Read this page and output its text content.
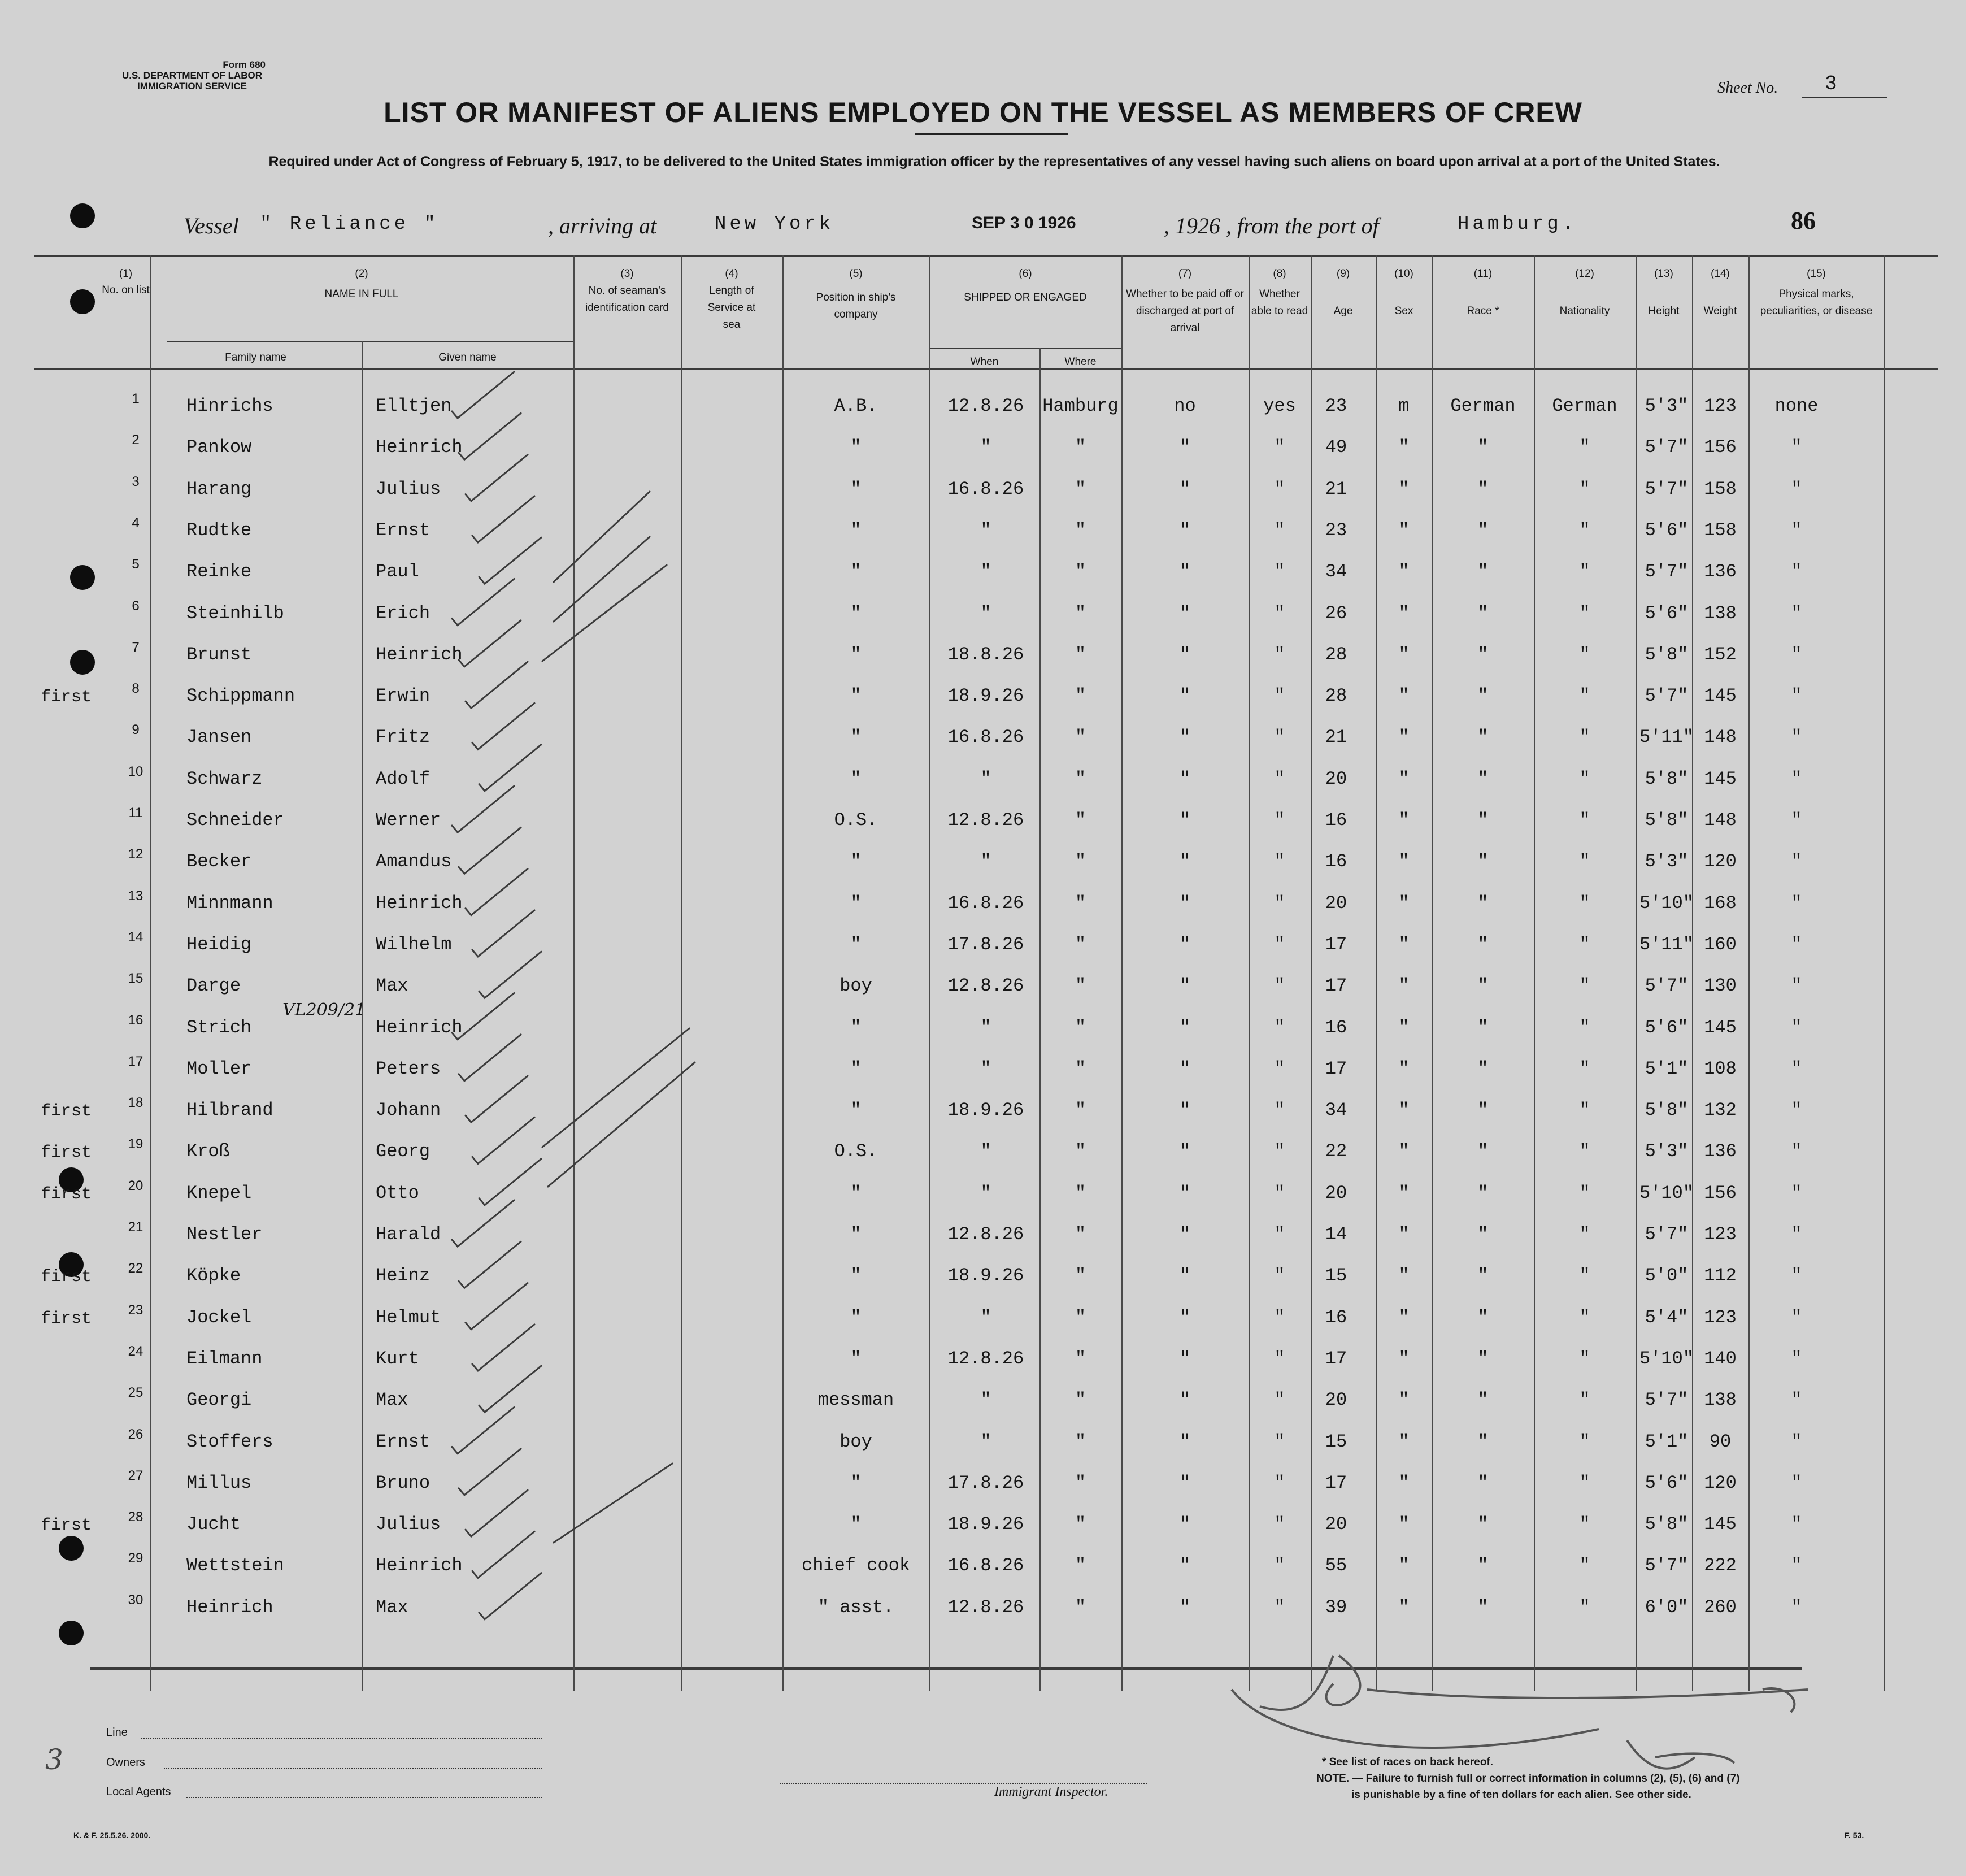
Form 680
U.S. DEPARTMENT OF LABOR
IMMIGRATION SERVICE	Sheet No. 3
LIST OR MANIFEST OF ALIENS EMPLOYED ON THE VESSEL AS MEMBERS OF CREW
Required under Act of Congress of February 5, 1917, to be delivered to the United States immigration officer by the representatives of any vessel having such aliens on board upon arrival at a port of the United States.
Vessel " Reliance "	, arriving at	New York	SEP 3 0 1926	, 1926 , from the port of	Hamburg.	86
(1)
No. on list
(2)
NAME IN FULL
Family name	Given name
(3)
No. of seaman's identification card
(4)
Length of Service at sea
(5)
Position in ship's company
(6)
SHIPPED OR ENGAGED
When	Where
(7)
Whether to be paid off or discharged at port of arrival
(8)
Whether able to read
(9)
Age
(10)
Sex
(11)
Race *
(12)
Nationality
(13)
Height
(14)
Weight
(15)
Physical marks, peculiarities, or disease
1	Hinrichs	Elltjen	A.B.	12.8.26	Hamburg	no	yes	23	m	German	German	5'3" 123	none
2	Pankow	Heinrich	"	"	"	"	"	49	"	"	"	5'7" 156	"
3	Harang	Julius	"	16.8.26	"	"	"	21	"	"	"	5'7" 158	"
4	Rudtke	Ernst	"	"	"	"	"	23	"	"	"	5'6" 158	"
5	Reinke	Paul	"	"	"	"	"	34	"	"	"	5'7" 136	"
6	Steinhilb	Erich	"	"	"	"	"	26	"	"	"	5'6" 138	"
7	Brunst	Heinrich	"	18.8.26	"	"	"	28	"	"	"	5'8" 152	"
8	Schippmann	Erwin	"	18.9.26	"	"	"	28	"	"	"	5'7" 145	"
first
9	Jansen	Fritz	"	16.8.26	"	"	"	21	"	"	"	5'11" 148	"
10	Schwarz	Adolf	"	"	"	"	"	20	"	"	"	5'8" 145	"
11	Schneider	Werner	O.S.	12.8.26	"	"	"	16	"	"	"	5'8" 148	"
12	Becker	Amandus	"	"	"	"	"	16	"	"	"	5'3" 120	"
13	Minnmann	Heinrich	"	16.8.26	"	"	"	20	"	"	"	5'10" 168	"
14	Heidig	Wilhelm	"	17.8.26	"	"	"	17	"	"	"	5'11" 160	"
15	Darge	Max	boy	12.8.26	"	"	"	17	"	"	"	5'7" 130	"
16	Strich	Heinrich	"	"	"	"	"	16	"	"	"	5'6" 145	"
17	Moller	Peters	"	"	"	"	"	17	"	"	"	5'1" 108	"
18	Hilbrand	Johann	"	18.9.26	"	"	"	34	"	"	"	5'8" 132	"
first
19	Kroß	Georg	O.S.	"	"	"	"	22	"	"	"	5'3" 136	"
first
20	Knepel	Otto	"	"	"	"	"	20	"	"	"	5'10" 156	"
first
21	Nestler	Harald	"	12.8.26	"	"	"	14	"	"	"	5'7" 123	"
22	Köpke	Heinz	"	18.9.26	"	"	"	15	"	"	"	5'0" 112	"
first
23	Jockel	Helmut	"	"	"	"	"	16	"	"	"	5'4" 123	"
first
24	Eilmann	Kurt	"	12.8.26	"	"	"	17	"	"	"	5'10" 140	"
25	Georgi	Max	messman	"	"	"	"	20	"	"	"	5'7" 138	"
26	Stoffers	Ernst	boy	"	"	"	"	15	"	"	"	5'1"	90	"
27	Millus	Bruno	"	17.8.26	"	"	"	17	"	"	"	5'6" 120	"
28	Jucht	Julius	"	18.9.26	"	"	"	20	"	"	"	5'8" 145	"
first
29	Wettstein	Heinrich	chief cook	16.8.26	"	"	"	55	"	"	"	5'7" 222	"
30	Heinrich	Max	" asst.	12.8.26	"	"	"	39	"	"	"	6'0" 260	"
VL209/21
3
Line
Owners
Local Agents	Immigrant Inspector.
* See list of races on back hereof.
NOTE. — Failure to furnish full or correct information in columns (2), (5), (6) and (7)
is punishable by a fine of ten dollars for each alien. See other side.
K. & F. 25.5.26. 2000.	F. 53.
